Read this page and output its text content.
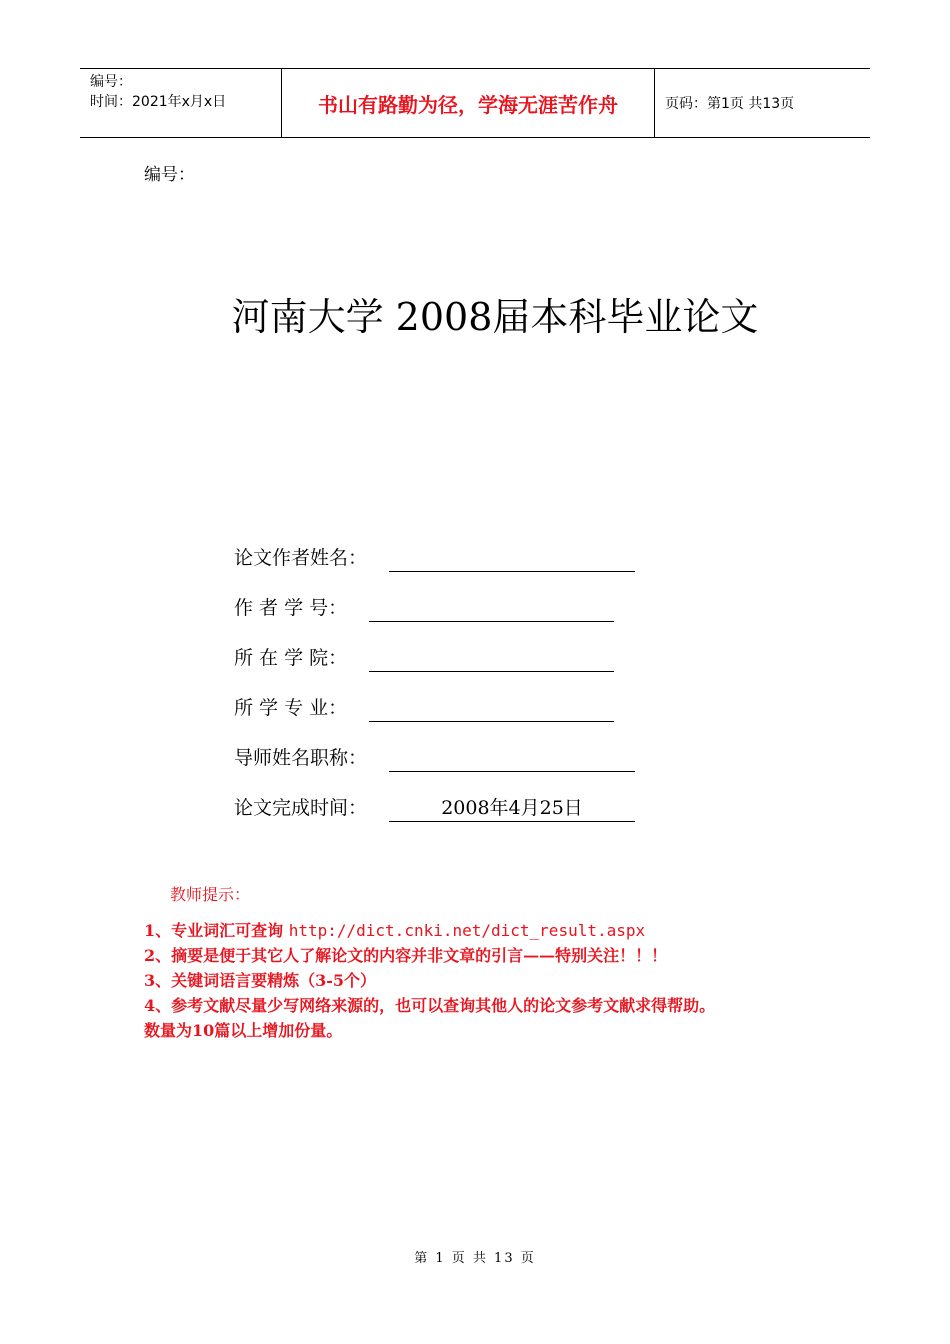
编号：
时间：2021年x月x日	书山有路勤为径，学海无涯苦作舟	页码：第1页 共13页
编号：
河南大学 2008届本科毕业论文
论文作者姓名：
作 者 学 号：
所 在 学 院：
所 学 专 业：
导师姓名职称：
论文完成时间：	2008年4月25日
教师提示：
1、专业词汇可查询 http://dict.cnki.net/dict_result.aspx
2、摘要是便于其它人了解论文的内容并非文章的引言——特别关注！！！
3、关键词语言要精炼（3-5个）
4、参考文献尽量少写网络来源的，也可以查询其他人的论文参考文献求得帮助。
数量为10篇以上增加份量。
第 1 页 共 13 页
